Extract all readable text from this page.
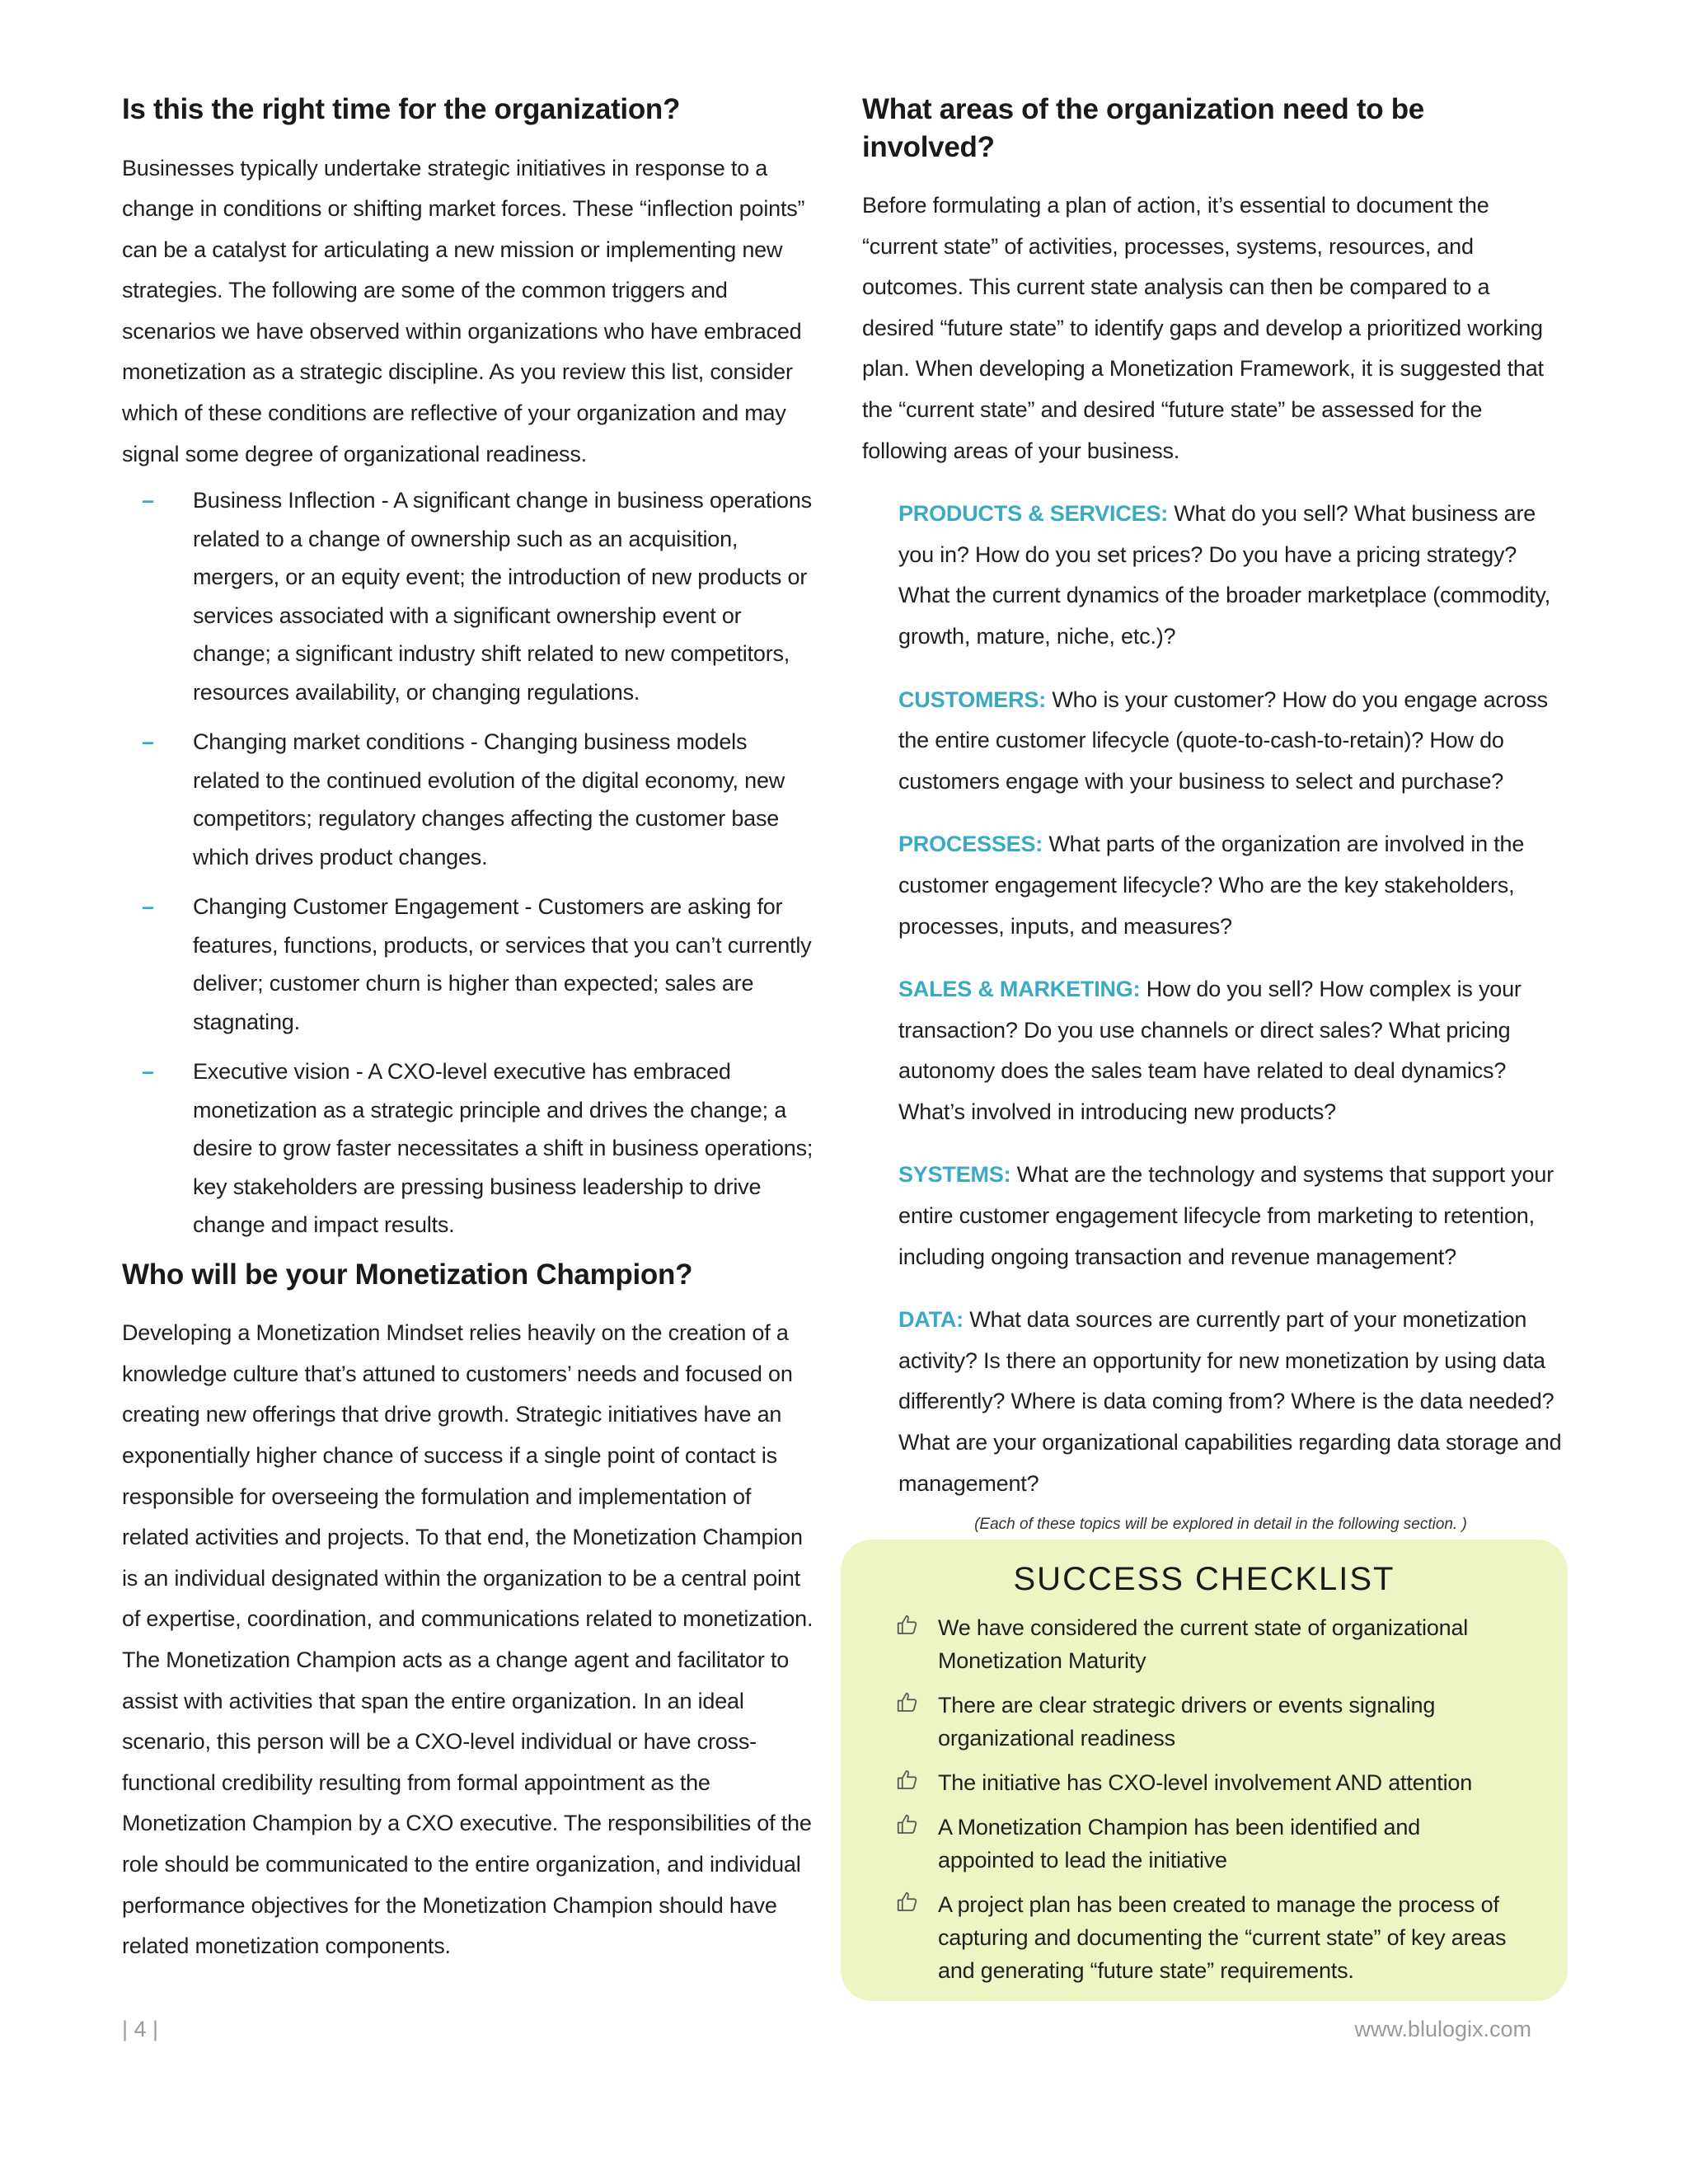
Is this the right time for the organization?

Businesses typically undertake strategic initiatives in response to a change in conditions or shifting market forces. These “inflection points” can be a catalyst for articulating a new mission or implementing new strategies. The following are some of the common triggers and scenarios we have observed within organizations who have embraced monetization as a strategic discipline. As you review this list, consider which of these conditions are reflective of your organization and may signal some degree of organizational readiness.

– Business Inflection - A significant change in business operations related to a change of ownership such as an acquisition, mergers, or an equity event; the introduction of new products or services associated with a significant ownership event or change; a significant industry shift related to new competitors, resources availability, or changing regulations.
– Changing market conditions - Changing business models related to the continued evolution of the digital economy, new competitors; regulatory changes affecting the customer base which drives product changes.
– Changing Customer Engagement - Customers are asking for features, functions, products, or services that you can’t currently deliver; customer churn is higher than expected; sales are stagnating.
– Executive vision - A CXO-level executive has embraced monetization as a strategic principle and drives the change; a desire to grow faster necessitates a shift in business operations; key stakeholders are pressing business leadership to drive change and impact results.
Who will be your Monetization Champion?

Developing a Monetization Mindset relies heavily on the creation of a knowledge culture that’s attuned to customers’ needs and focused on creating new offerings that drive growth. Strategic initiatives have an exponentially higher chance of success if a single point of contact is responsible for overseeing the formulation and implementation of related activities and projects. To that end, the Monetization Champion is an individual designated within the organization to be a central point of expertise, coordination, and communications related to monetization. The Monetization Champion acts as a change agent and facilitator to assist with activities that span the entire organization. In an ideal scenario, this person will be a CXO-level individual or have cross-functional credibility resulting from formal appointment as the Monetization Champion by a CXO executive. The responsibilities of the role should be communicated to the entire organization, and individual performance objectives for the Monetization Champion should have related monetization components.

What areas of the organization need to be involved?

Before formulating a plan of action, it’s essential to document the “current state” of activities, processes, systems, resources, and outcomes. This current state analysis can then be compared to a desired “future state” to identify gaps and develop a prioritized working plan. When developing a Monetization Framework, it is suggested that the “current state” and desired “future state” be assessed for the following areas of your business.

PRODUCTS & SERVICES: What do you sell? What business are you in? How do you set prices? Do you have a pricing strategy? What the current dynamics of the broader marketplace (commodity, growth, mature, niche, etc.)?

CUSTOMERS: Who is your customer? How do you engage across the entire customer lifecycle (quote-to-cash-to-retain)? How do customers engage with your business to select and purchase?

PROCESSES: What parts of the organization are involved in the customer engagement lifecycle? Who are the key stakeholders, processes, inputs, and measures?

SALES & MARKETING: How do you sell? How complex is your transaction? Do you use channels or direct sales? What pricing autonomy does the sales team have related to deal dynamics? What’s involved in introducing new products?

SYSTEMS: What are the technology and systems that support your entire customer engagement lifecycle from marketing to retention, including ongoing transaction and revenue management?

DATA: What data sources are currently part of your monetization activity? Is there an opportunity for new monetization by using data differently? Where is data coming from? Where is the data needed? What are your organizational capabilities regarding data storage and management?

(Each of these topics will be explored in detail in the following section. )

SUCCESS CHECKLIST
We have considered the current state of organizational Monetization Maturity
There are clear strategic drivers or events signaling organizational readiness
The initiative has CXO-level involvement AND attention
A Monetization Champion has been identified and appointed to lead the initiative
A project plan has been created to manage the process of capturing and documenting the “current state” of key areas and generating “future state” requirements.
| 4 |	www.blulogix.com
